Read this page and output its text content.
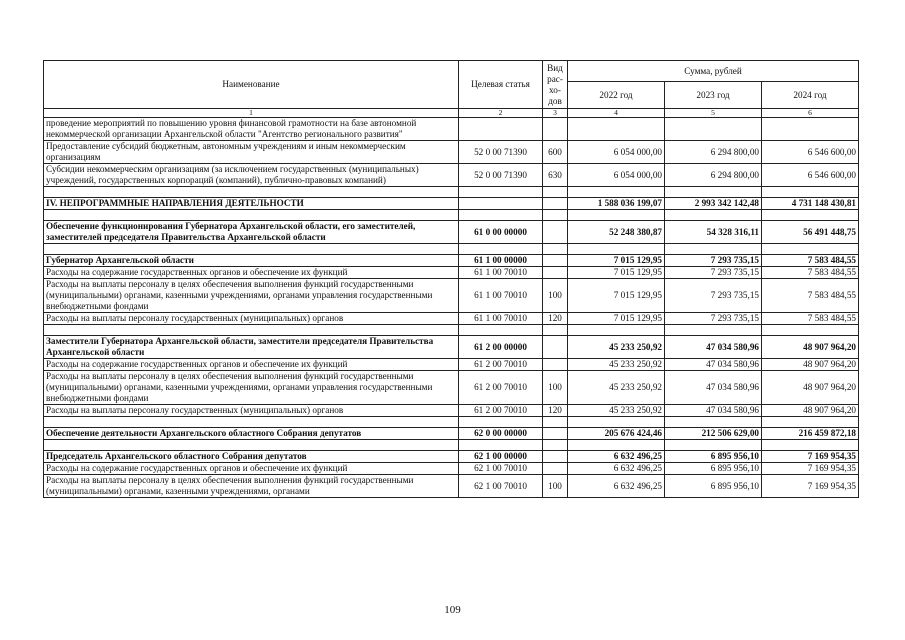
Наименование	Целевая статья	Вид рас-хо-дов	Сумма, рублей		
			2022 год	2023 год	2024 год
1	2	3	4	5	6
проведение мероприятий по повышению уровня финансовой грамотности на базе автономной некоммерческой организации Архангельской области "Агентство регионального развития"					
Предоставление субсидий бюджетным, автономным учреждениям и иным некоммерческим организациям	52 0 00 71390	600	6 054 000,00	6 294 800,00	6 546 600,00
Субсидии некоммерческим организациям (за исключением государственных (муниципальных) учреждений, государственных корпораций (компаний), публично-правовых компаний)	52 0 00 71390	630	6 054 000,00	6 294 800,00	6 546 600,00

IV. НЕПРОГРАММНЫЕ НАПРАВЛЕНИЯ ДЕЯТЕЛЬНОСТИ			1 588 036 199,07	2 993 342 142,48	4 731 148 430,81

Обеспечение функционирования Губернатора Архангельской области, его заместителей, заместителей председателя Правительства Архангельской области	61 0 00 00000		52 248 380,87	54 328 316,11	56 491 448,75

Губернатор Архангельской области	61 1 00 00000		7 015 129,95	7 293 735,15	7 583 484,55
Расходы на содержание государственных органов и обеспечение их функций	61 1 00 70010		7 015 129,95	7 293 735,15	7 583 484,55
Расходы на выплаты персоналу в целях обеспечения выполнения функций государственными (муниципальными) органами, казенными учреждениями, органами управления государственными внебюджетными фондами	61 1 00 70010	100	7 015 129,95	7 293 735,15	7 583 484,55
Расходы на выплаты персоналу государственных (муниципальных) органов	61 1 00 70010	120	7 015 129,95	7 293 735,15	7 583 484,55

Заместители Губернатора Архангельской области, заместители председателя Правительства Архангельской области	61 2 00 00000		45 233 250,92	47 034 580,96	48 907 964,20
Расходы на содержание государственных органов и обеспечение их функций	61 2 00 70010		45 233 250,92	47 034 580,96	48 907 964,20
Расходы на выплаты персоналу в целях обеспечения выполнения функций государственными (муниципальными) органами, казенными учреждениями, органами управления государственными внебюджетными фондами	61 2 00 70010	100	45 233 250,92	47 034 580,96	48 907 964,20
Расходы на выплаты персоналу государственных (муниципальных) органов	61 2 00 70010	120	45 233 250,92	47 034 580,96	48 907 964,20

Обеспечение деятельности Архангельского областного Собрания депутатов	62 0 00 00000		205 676 424,46	212 506 629,00	216 459 872,18

Председатель Архангельского областного Собрания депутатов	62 1 00 00000		6 632 496,25	6 895 956,10	7 169 954,35
Расходы на содержание государственных органов и обеспечение их функций	62 1 00 70010		6 632 496,25	6 895 956,10	7 169 954,35
Расходы на выплаты персоналу в целях обеспечения выполнения функций государственными (муниципальными) органами, казенными учреждениями, органами	62 1 00 70010	100	6 632 496,25	6 895 956,10	7 169 954,35
109
